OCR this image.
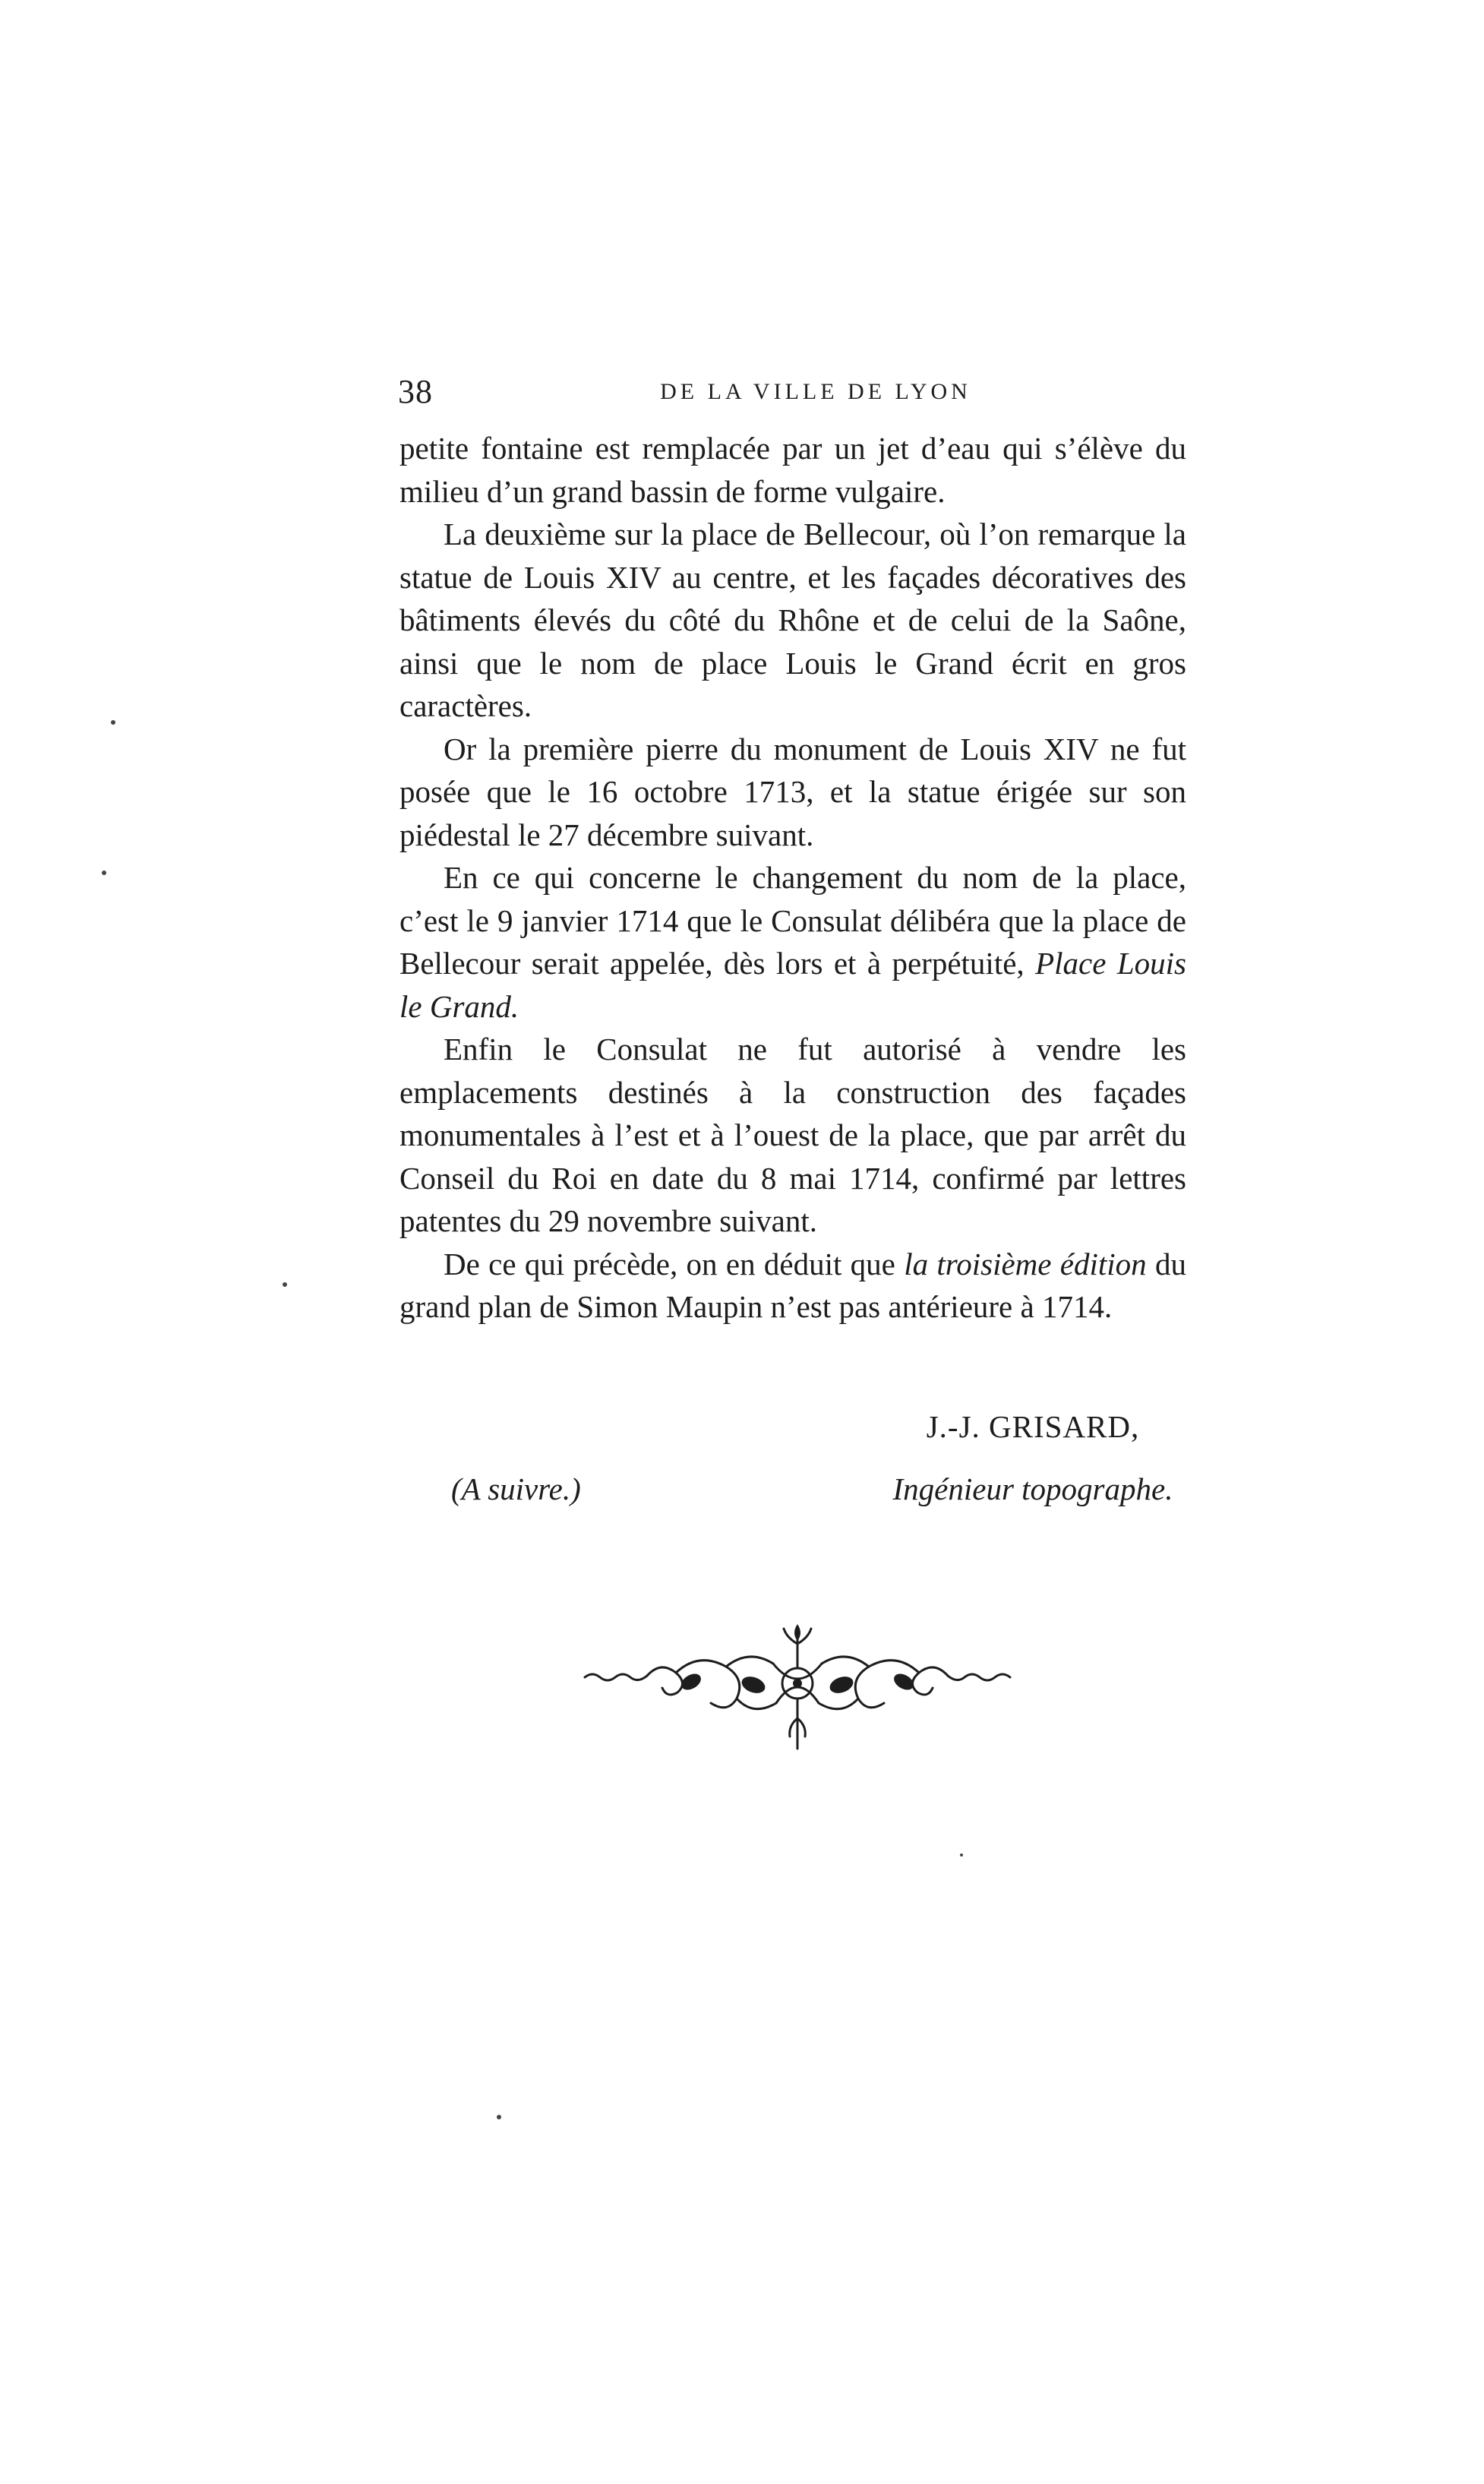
38	DE LA VILLE DE LYON

petite fontaine est remplacée par un jet d’eau qui s’élève du milieu d’un grand bassin de forme vulgaire.

La deuxième sur la place de Bellecour, où l’on remarque la statue de Louis XIV au centre, et les façades décoratives des bâtiments élevés du côté du Rhône et de celui de la Saône, ainsi que le nom de place Louis le Grand écrit en gros caractères.

Or la première pierre du monument de Louis XIV ne fut posée que le 16 octobre 1713, et la statue érigée sur son piédestal le 27 décembre suivant.

En ce qui concerne le changement du nom de la place, c’est le 9 janvier 1714 que le Consulat délibéra que la place de Bellecour serait appelée, dès lors et à perpétuité, Place Louis le Grand.

Enfin le Consulat ne fut autorisé à vendre les emplacements destinés à la construction des façades monumentales à l’est et à l’ouest de la place, que par arrêt du Conseil du Roi en date du 8 mai 1714, confirmé par lettres patentes du 29 novembre suivant.

De ce qui précède, on en déduit que la troisième édition du grand plan de Simon Maupin n’est pas antérieure à 1714.

(A suivre.)
J.-J. GRISARD,
Ingénieur topographe.
